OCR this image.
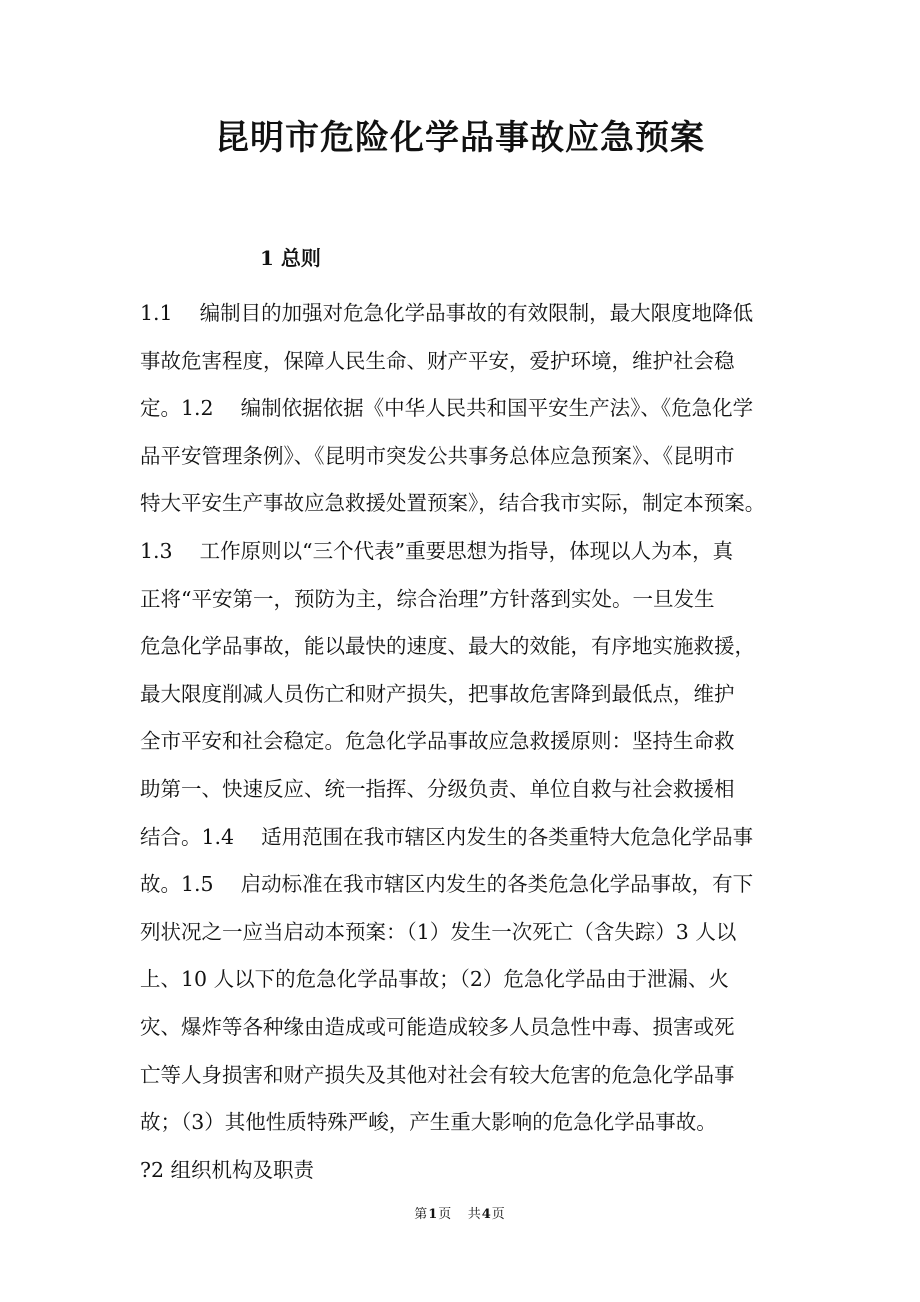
昆明市危险化学品事故应急预案
1 总则
1.1　 编制目的加强对危急化学品事故的有效限制，最大限度地降低
事故危害程度，保障人民生命、财产平安，爱护环境，维护社会稳
定。1.2　 编制依据依据《中华人民共和国平安生产法》、《危急化学
品平安管理条例》、《昆明市突发公共事务总体应急预案》、《昆明市
特大平安生产事故应急救援处置预案》，结合我市实际，制定本预案。
1.3　 工作原则以“三个代表”重要思想为指导，体现以人为本，真
正将“平安第一，预防为主，综合治理”方针落到实处。一旦发生
危急化学品事故，能以最快的速度、最大的效能，有序地实施救援，
最大限度削减人员伤亡和财产损失，把事故危害降到最低点，维护
全市平安和社会稳定。危急化学品事故应急救援原则：坚持生命救
助第一、快速反应、统一指挥、分级负责、单位自救与社会救援相
结合。1.4　 适用范围在我市辖区内发生的各类重特大危急化学品事
故。1.5　 启动标准在我市辖区内发生的各类危急化学品事故，有下
列状况之一应当启动本预案：（1）发生一次死亡（含失踪）3 人以
上、10 人以下的危急化学品事故；（2）危急化学品由于泄漏、火
灾、爆炸等各种缘由造成或可能造成较多人员急性中毒、损害或死
亡等人身损害和财产损失及其他对社会有较大危害的危急化学品事
故；（3）其他性质特殊严峻，产生重大影响的危急化学品事故。
?2 组织机构及职责
第1页 共4页
